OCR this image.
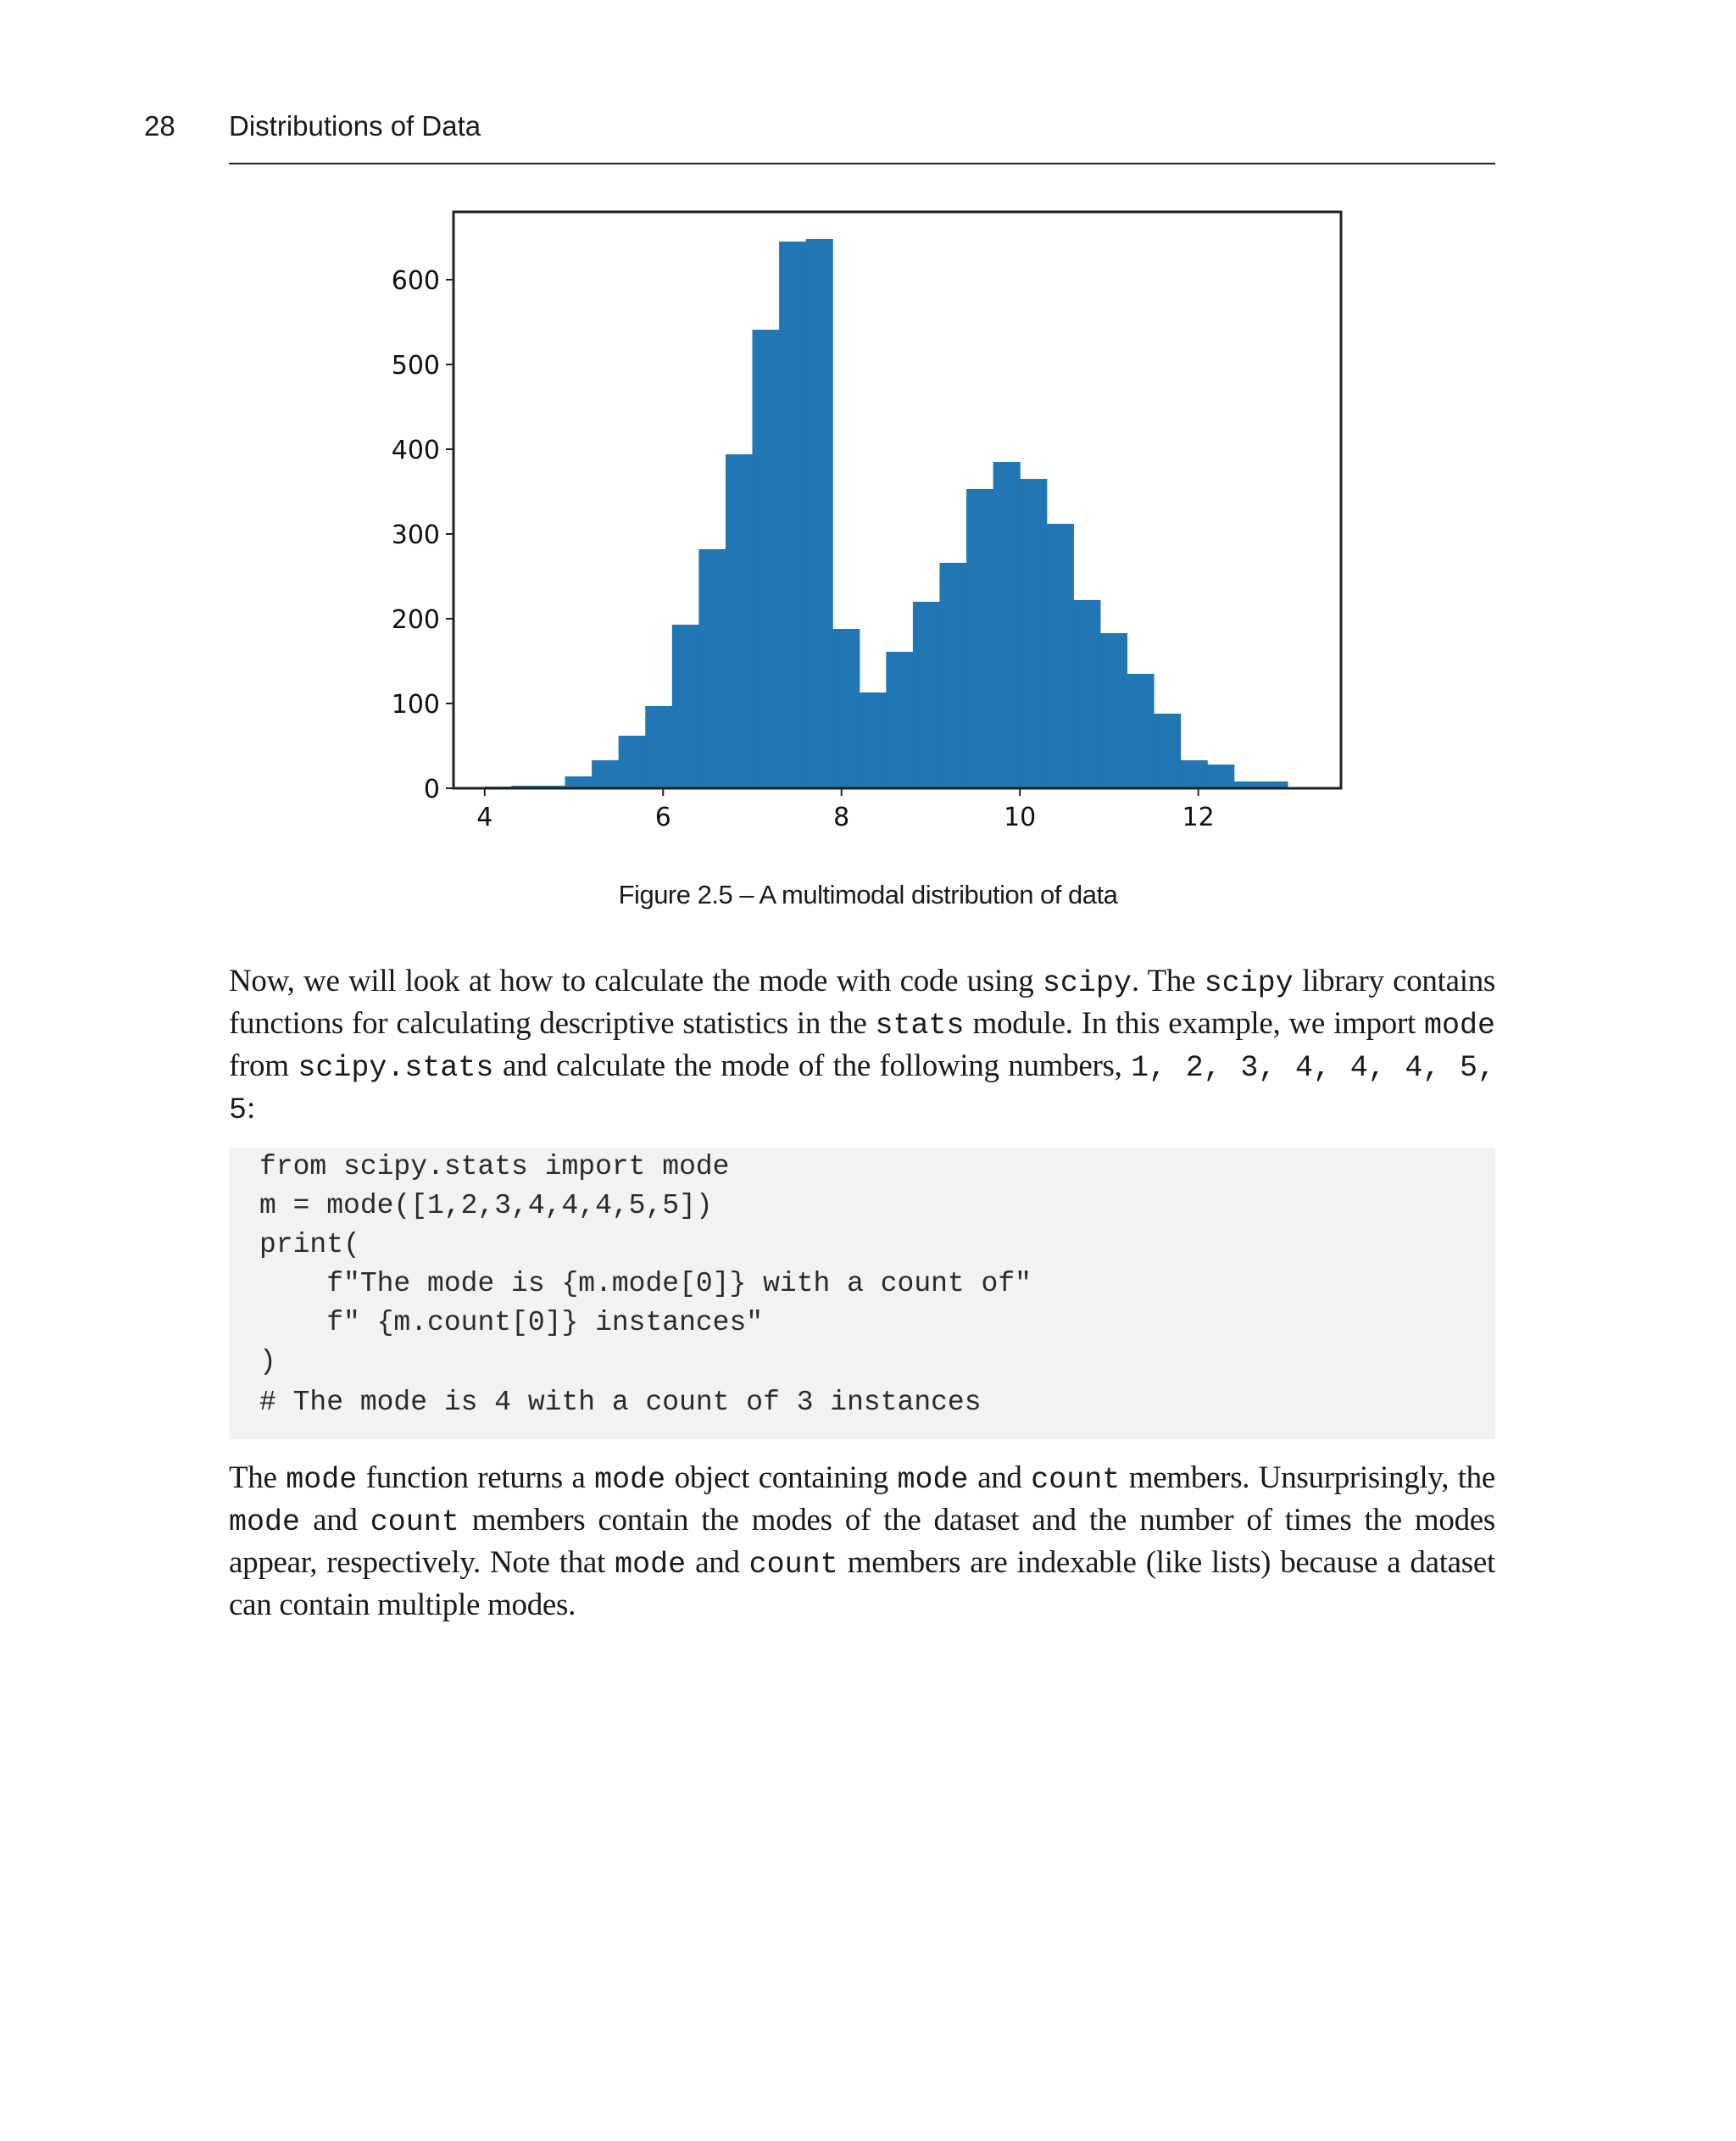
28 Distributions of Data
0
100
200
300
400
500
600
4	6	8	10	12
Figure 2.5 – A multimodal distribution of data

Now, we will look at how to calculate the mode with code using scipy. The scipy library contains functions for calculating descriptive statistics in the stats module. In this example, we import mode from scipy.stats and calculate the mode of the following numbers, 1, 2, 3, 4, 4, 4, 5, 5:

from scipy.stats import mode
m = mode([1,2,3,4,4,4,5,5])
print(
f"The mode is {m.mode[0]} with a count of"
f" {m.count[0]} instances"
)
# The mode is 4 with a count of 3 instances

The mode function returns a mode object containing mode and count members. Unsurprisingly, the mode and count members contain the modes of the dataset and the number of times the modes appear, respectively. Note that mode and count members are indexable (like lists) because a dataset can contain multiple modes.
